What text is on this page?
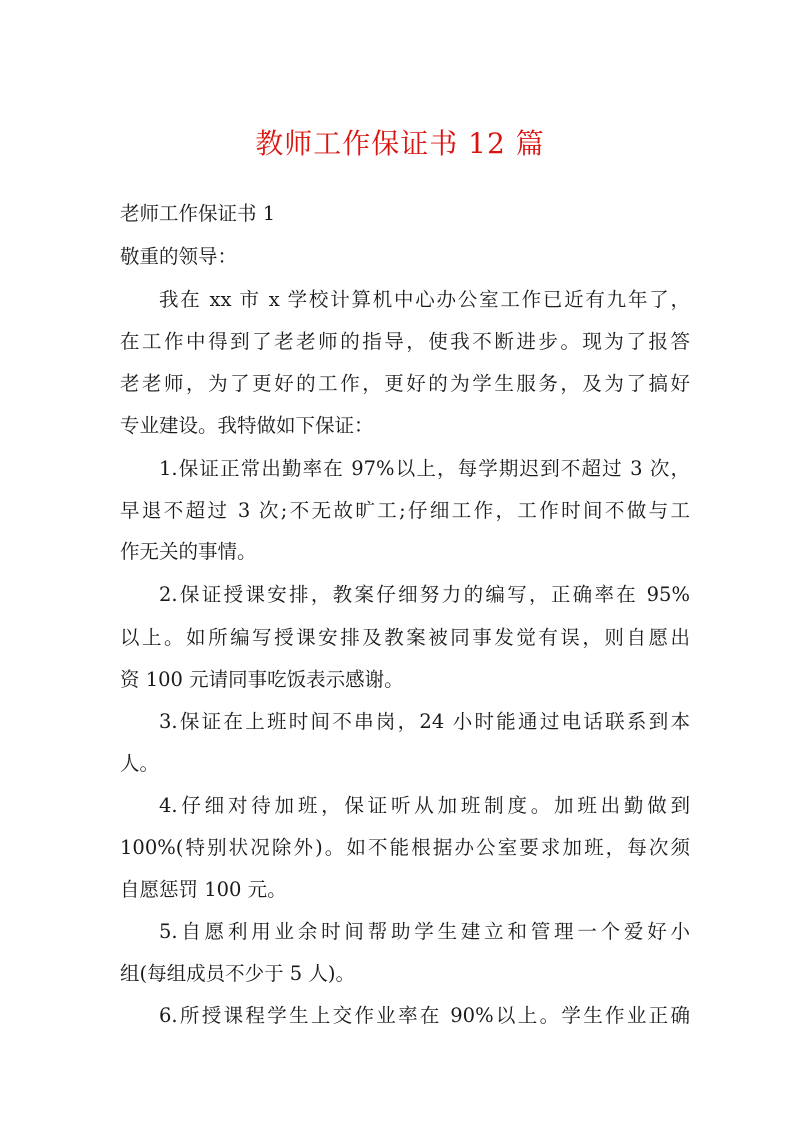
教师工作保证书 12 篇
老师工作保证书 1
敬重的领导：
我在 xx 市 x 学校计算机中心办公室工作已近有九年了，
在工作中得到了老老师的指导，使我不断进步。现为了报答
老老师，为了更好的工作，更好的为学生服务，及为了搞好
专业建设。我特做如下保证：
1.保证正常出勤率在 97%以上，每学期迟到不超过 3 次，
早退不超过 3 次;不无故旷工;仔细工作，工作时间不做与工
作无关的事情。
2.保证授课安排，教案仔细努力的编写，正确率在 95%
以上。如所编写授课安排及教案被同事发觉有误，则自愿出
资 100 元请同事吃饭表示感谢。
3.保证在上班时间不串岗，24 小时能通过电话联系到本
人。
4.仔细对待加班，保证听从加班制度。加班出勤做到
100%(特别状况除外)。如不能根据办公室要求加班，每次须
自愿惩罚 100 元。
5.自愿利用业余时间帮助学生建立和管理一个爱好小
组(每组成员不少于 5 人)。
6.所授课程学生上交作业率在 90%以上。学生作业正确
